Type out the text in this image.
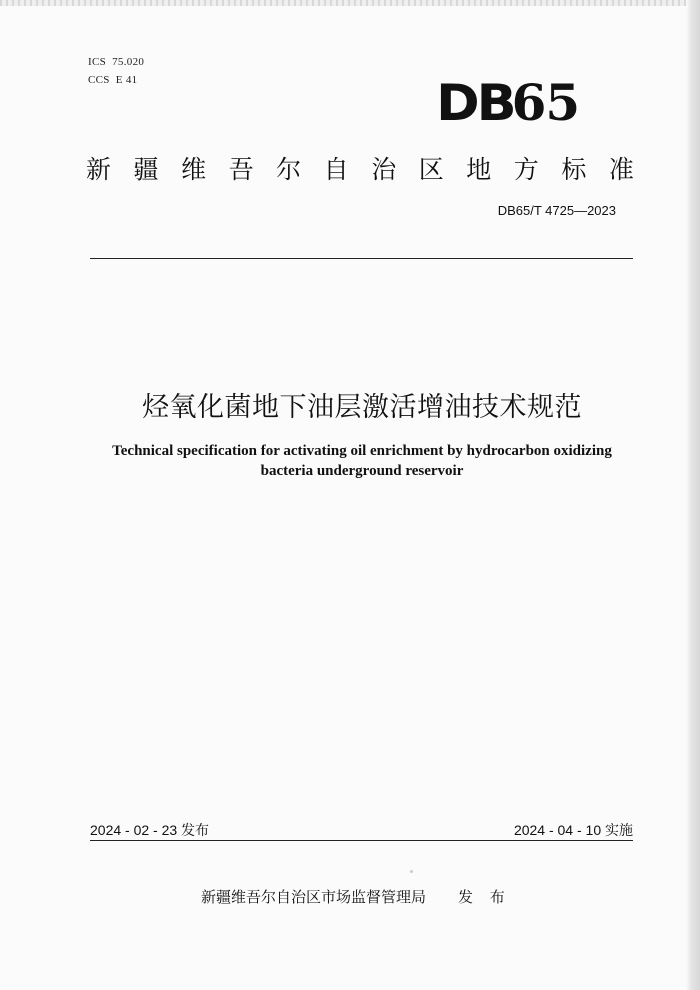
ICS  75.020
CCS  E 41	DB65
新 疆 维 吾 尔 自 治 区 地 方 标 准
DB65/T 4725—2023
烃氧化菌地下油层激活增油技术规范
Technical specification for activating oil enrichment by hydrocarbon oxidizing
bacteria underground reservoir
2024 - 02 - 23 发布	2024 - 04 - 10 实施
新疆维吾尔自治区市场监督管理局 发 布
